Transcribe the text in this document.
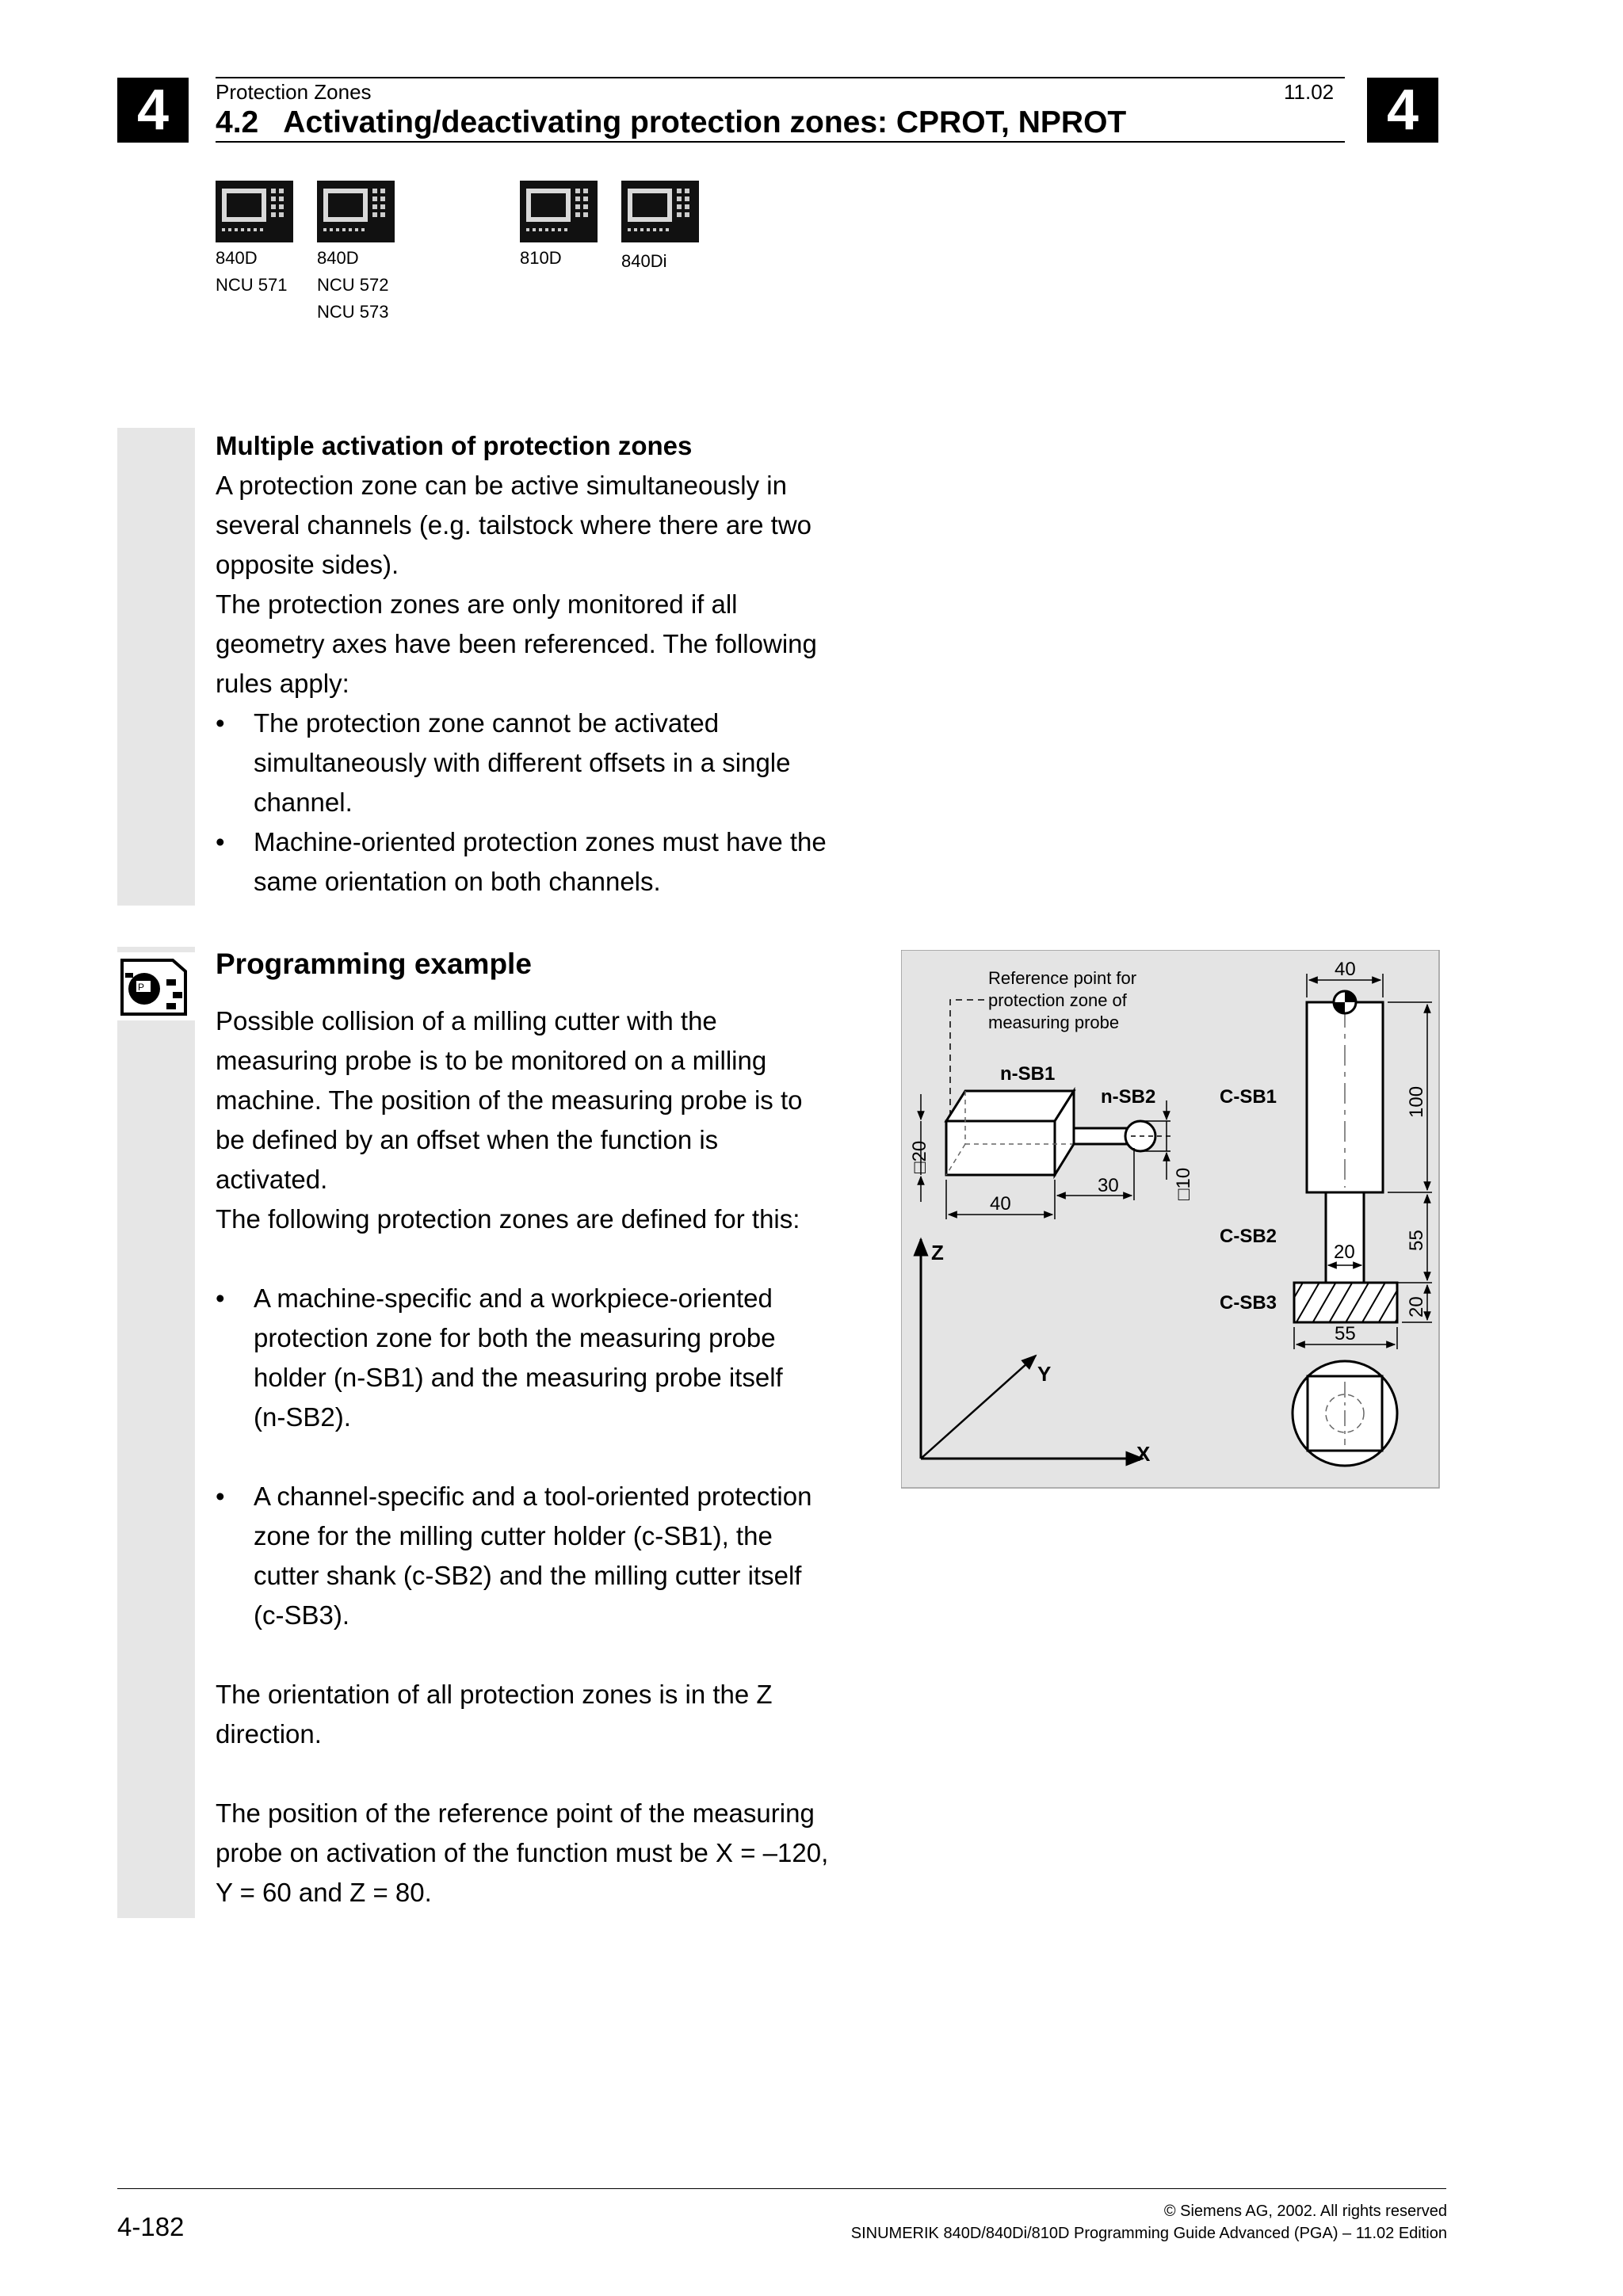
4	4
Protection Zones	11.02
4.2   Activating/deactivating protection zones: CPROT, NPROT
840D
NCU 571
840D
NCU 572
NCU 573
810D	840Di
Multiple activation of protection zones
A protection zone can be active simultaneously in
several channels (e.g. tailstock where there are two
opposite sides).
The protection zones are only monitored if all
geometry axes have been referenced. The following
rules apply:
•	The protection zone cannot be activated
simultaneously with different offsets in a single
channel.
•	Machine-oriented protection zones must have the
same orientation on both channels.
P
Programming example
Possible collision of a milling cutter with the
measuring probe is to be monitored on a milling
machine. The position of the measuring probe is to
be defined by an offset when the function is
activated.
The following protection zones are defined for this:
•	A machine-specific and a workpiece-oriented
protection zone for both the measuring probe
holder (n-SB1) and the measuring probe itself
(n-SB2).
•	A channel-specific and a tool-oriented protection
zone for the milling cutter holder (c-SB1), the
cutter shank (c-SB2) and the milling cutter itself
(c-SB3).
The orientation of all protection zones is in the Z
direction.
The position of the reference point of the measuring
probe on activation of the function must be X = –120,
Y = 60 and Z = 80.
Reference point for
protection zone of
measuring probe
n-SB1
n-SB2
□20
40
30	□10
Z
Y
X
C-SB1
C-SB2
C-SB3
40
100
20
55
20
55
4-182
© Siemens AG, 2002. All rights reserved
SINUMERIK 840D/840Di/810D Programming Guide Advanced (PGA) – 11.02 Edition
